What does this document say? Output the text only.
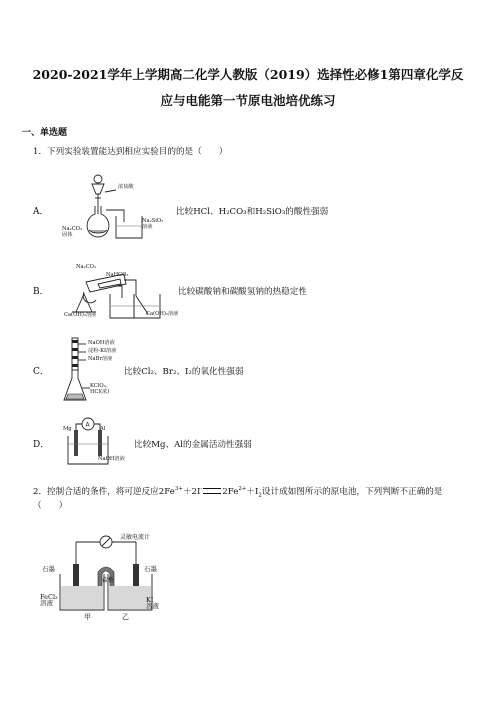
2020-2021学年上学期高二化学人教版（2019）选择性必修1第四章化学反
应与电能第一节原电池培优练习
一、单选题
1．下列实验装置能达到相应实验目的的是（　　）
A．
浓盐酸
Na₂CO₃
固体
Na₂SiO₃
溶液
比较HCl、H₂CO₃和H₂SiO₃的酸性强弱
B．
Na₂CO₃
NaHCO₃
Ca(OH)₂溶液	Ca(OH)₂溶液
比较碳酸钠和碳酸氢钠的热稳定性
C．
NaOH溶液
淀粉-KI溶液
NaBr溶液
KClO₃、
HCl(浓)
比较Cl₂、Br₂、I₂的氧化性强弱
D．
A
Mg	Al
NaOH溶液
比较Mg、Al的金属活动性强弱
2．控制合适的条件，将可逆反应$2Fe^{3+}+2I^-$ $2Fe^{2+}+I_2$设计成如图所示的原电池，下列判断不正确的是
（　　）
灵敏电流计
石墨	石墨
盐桥
FeCl₃
溶液	KI
溶液
甲	乙
